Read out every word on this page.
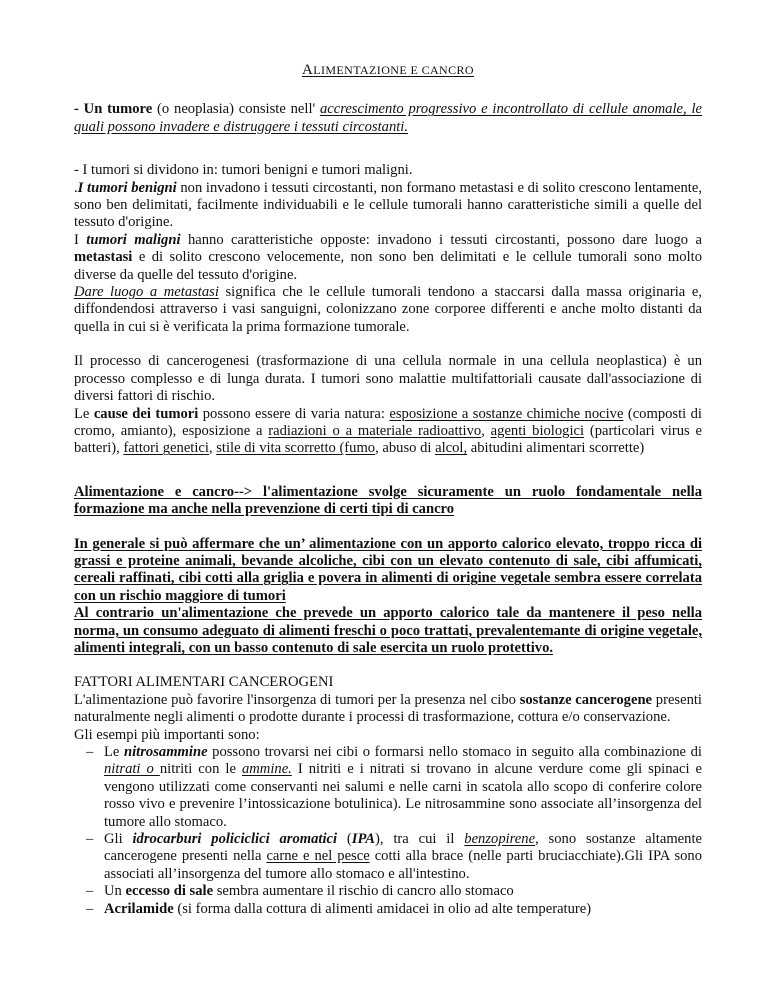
ALIMENTAZIONE E CANCRO

- Un tumore (o neoplasia) consiste nell' accrescimento progressivo e incontrollato di cellule anomale, le quali possono invadere e distruggere i tessuti circostanti.

- I tumori si dividono in: tumori benigni e tumori maligni.

.I tumori benigni non invadono i tessuti circostanti, non formano metastasi e di solito crescono lentamente, sono ben delimitati, facilmente individuabili e le cellule tumorali hanno caratteristiche simili a quelle del tessuto d'origine.

I tumori maligni hanno caratteristiche opposte: invadono i tessuti circostanti, possono dare luogo a metastasi e di solito crescono velocemente, non sono ben delimitati e le cellule tumorali sono molto diverse da quelle del tessuto d'origine.

Dare luogo a metastasi significa che le cellule tumorali tendono a staccarsi dalla massa originaria e, diffondendosi attraverso i vasi sanguigni, colonizzano zone corporee differenti e anche molto distanti da quella in cui si è verificata la prima formazione tumorale.

Il processo di cancerogenesi (trasformazione di una cellula normale in una cellula neoplastica) è un processo complesso e di lunga durata. I tumori sono malattie multifattoriali causate dall'associazione di diversi fattori di rischio.

Le cause dei tumori possono essere di varia natura: esposizione a sostanze chimiche nocive (composti di cromo, amianto), esposizione a radiazioni o a materiale radioattivo, agenti biologici (particolari virus e batteri), fattori genetici, stile di vita scorretto (fumo, abuso di alcol, abitudini alimentari scorrette)

Alimentazione e cancro--> l'alimentazione svolge sicuramente un ruolo fondamentale nella formazione ma anche nella prevenzione di certi tipi di cancro

In generale si può affermare che un’ alimentazione con un apporto calorico elevato, troppo ricca di grassi e proteine animali, bevande alcoliche, cibi con un elevato contenuto di sale, cibi affumicati, cereali raffinati, cibi cotti alla griglia e povera in alimenti di origine vegetale sembra essere correlata con un rischio maggiore di tumori

Al contrario un'alimentazione che prevede un apporto calorico tale da mantenere il peso nella norma, un consumo adeguato di alimenti freschi o poco trattati, prevalentemante di origine vegetale, alimenti integrali, con un basso contenuto di sale esercita un ruolo protettivo.

FATTORI ALIMENTARI CANCEROGENI

L'alimentazione può favorire l'insorgenza di tumori per la presenza nel cibo sostanze cancerogene presenti naturalmente negli alimenti o prodotte durante i processi di trasformazione, cottura e/o conservazione.

Gli esempi più importanti sono:

– Le nitrosammine possono trovarsi nei cibi o formarsi nello stomaco in seguito alla combinazione di nitrati o nitriti con le ammine. I nitriti e i nitrati si trovano in alcune verdure come gli spinaci e vengono utilizzati come conservanti nei salumi e nelle carni in scatola allo scopo di conferire colore rosso vivo e prevenire l’intossicazione botulinica). Le nitrosammine sono associate all’insorgenza del tumore allo stomaco.
– Gli idrocarburi policiclici aromatici (IPA), tra cui il benzopirene, sono sostanze altamente cancerogene presenti nella carne e nel pesce cotti alla brace (nelle parti bruciacchiate).Gli IPA sono associati all’insorgenza del tumore allo stomaco e all'intestino.
– Un eccesso di sale sembra aumentare il rischio di cancro allo stomaco
– Acrilamide (si forma dalla cottura di alimenti amidacei in olio ad alte temperature)
